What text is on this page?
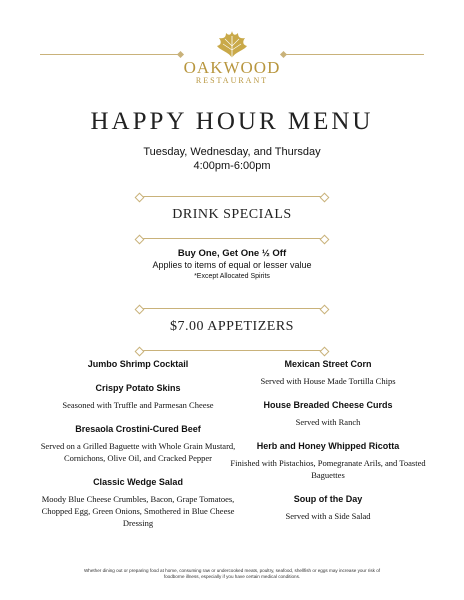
OAKWOOD
RESTAURANT
HAPPY HOUR MENU
Tuesday, Wednesday, and Thursday
4:00pm-6:00pm
DRINK SPECIALS
Buy One, Get One ½ Off
Applies to items of equal or lesser value
*Except Allocated Spirits
$7.00 APPETIZERS
Jumbo Shrimp Cocktail
Crispy Potato Skins
Seasoned with Truffle and Parmesan Cheese
Bresaola Crostini-Cured Beef
Served on a Grilled Baguette with Whole Grain Mustard, Cornichons, Olive Oil, and Cracked Pepper
Classic Wedge Salad
Moody Blue Cheese Crumbles, Bacon, Grape Tomatoes, Chopped Egg, Green Onions, Smothered in Blue Cheese Dressing
Mexican Street Corn
Served with House Made Tortilla Chips
House Breaded Cheese Curds
Served with Ranch
Herb and Honey Whipped Ricotta
Finished with Pistachios, Pomegranate Arils, and Toasted Baguettes
Soup of the Day
Served with a Side Salad
Whether dining out or preparing food at home, consuming raw or undercooked meats, poultry, seafood, shellfish or eggs may increase your risk of
foodborne illness, especially if you have certain medical conditions.
